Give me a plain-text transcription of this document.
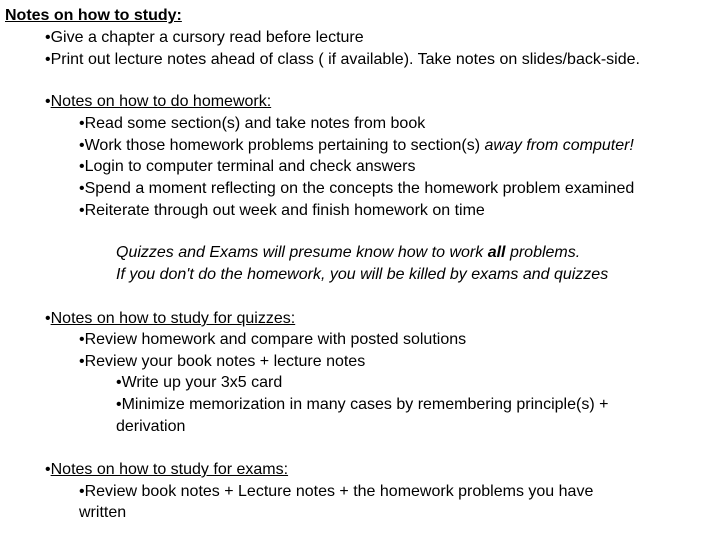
Notes on how to study:
•Give a chapter a cursory read before lecture
•Print out lecture notes ahead of class ( if available). Take notes on slides/back-side.
•Notes on how to do homework:
•Read some section(s) and take notes from book
•Work those homework problems pertaining to section(s) away from computer!
•Login to computer terminal and check answers
•Spend a moment reflecting on the concepts the homework problem examined
•Reiterate through out week and finish homework on time
Quizzes and Exams will presume know how to work all problems.
If you don't do the homework, you will be killed by exams and quizzes
•Notes on how to study for quizzes:
•Review homework and compare with posted solutions
•Review your book notes + lecture notes
•Write up your 3x5 card
•Minimize memorization in many cases by remembering principle(s) +
derivation
•Notes on how to study for exams:
•Review book notes + Lecture notes + the homework problems you have
written
